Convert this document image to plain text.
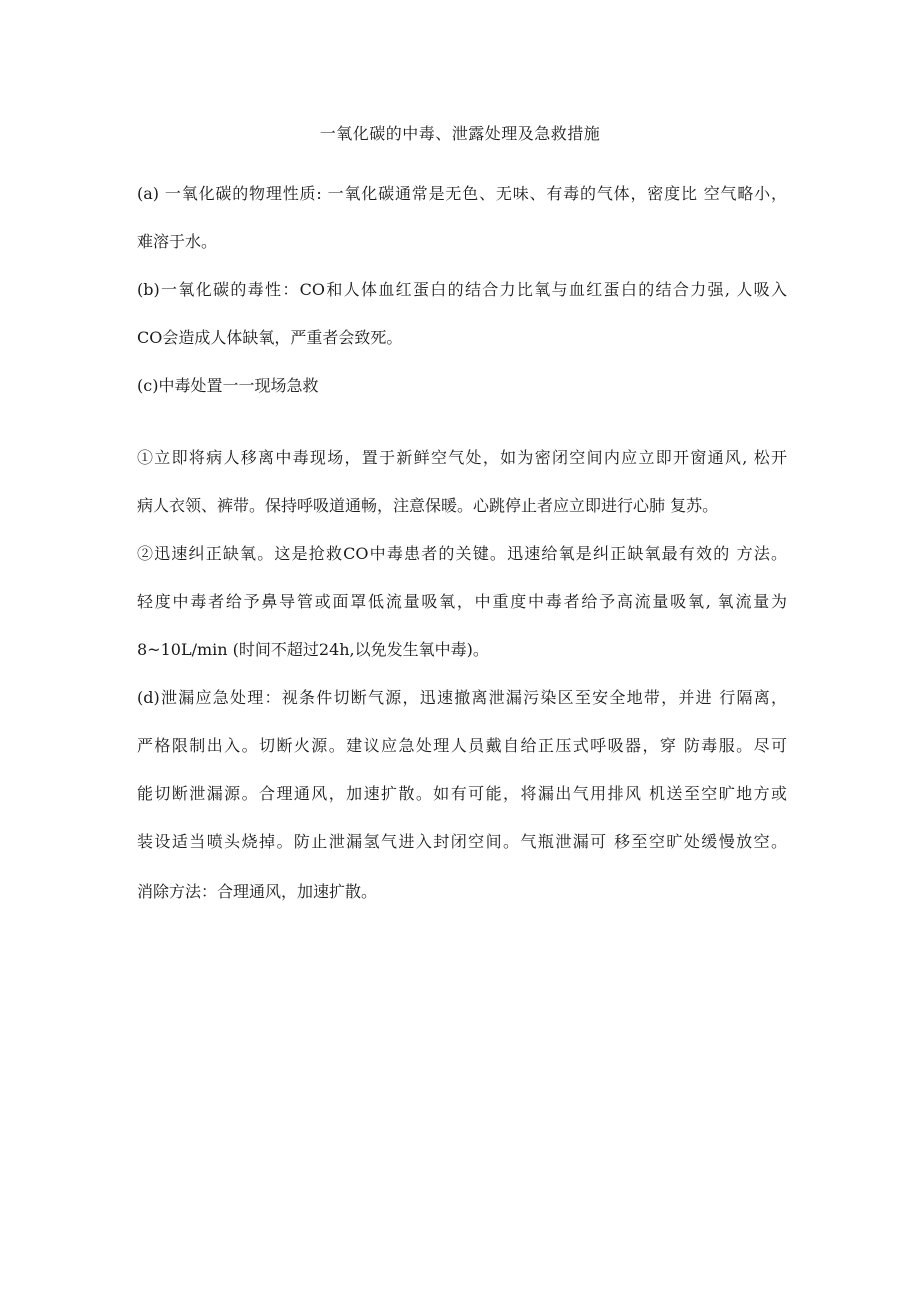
一氧化碳的中毒、泄露处理及急救措施

(a) 一氧化碳的物理性质: 一氧化碳通常是无色、无味、有毒的气体，密度比 空气略小，
难溶于水。

(b)一氧化碳的毒性：CO和人体血红蛋白的结合力比氧与血红蛋白的结合力强, 人吸入
CO会造成人体缺氧，严重者会致死。

(c)中毒处置一一现场急救

①立即将病人移离中毒现场，置于新鲜空气处，如为密闭空间内应立即开窗通风, 松开
病人衣领、裤带。保持呼吸道通畅，注意保暖。心跳停止者应立即进行心肺 复苏。

②迅速纠正缺氧。这是抢救CO中毒患者的关键。迅速给氧是纠正缺氧最有效的 方法。
轻度中毒者给予鼻导管或面罩低流量吸氧，中重度中毒者给予高流量吸氧, 氧流量为
8~10L/min (时间不超过24h,以免发生氧中毒)。

(d)泄漏应急处理：视条件切断气源，迅速撤离泄漏污染区至安全地带，并进 行隔离，
严格限制出入。切断火源。建议应急处理人员戴自给正压式呼吸器，穿 防毒服。尽可
能切断泄漏源。合理通风，加速扩散。如有可能，将漏出气用排风 机送至空旷地方或
装设适当喷头烧掉。防止泄漏氢气进入封闭空间。气瓶泄漏可 移至空旷处缓慢放空。

消除方法：合理通风，加速扩散。
